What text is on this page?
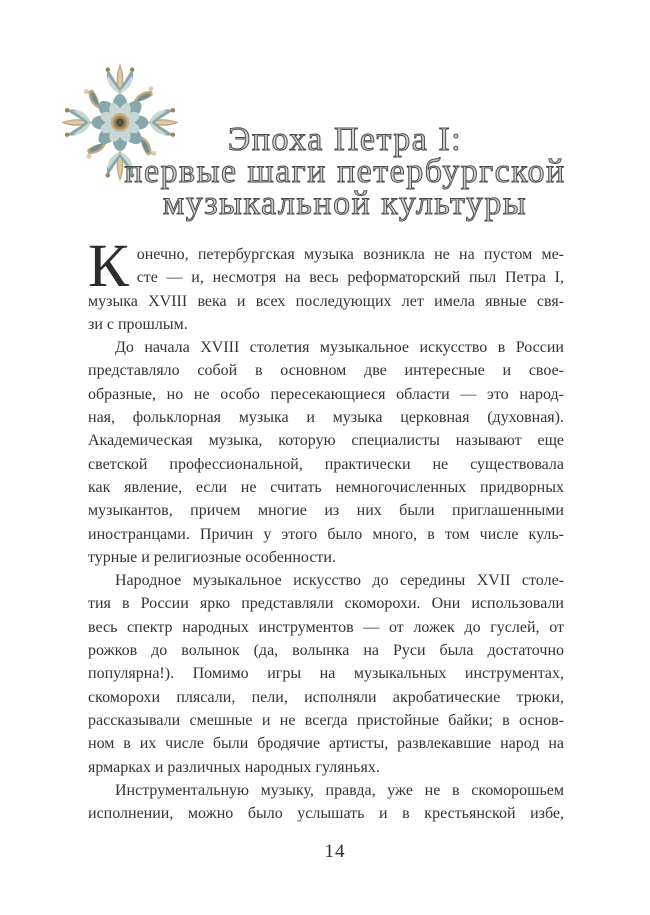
Эпоха Петра I:
первые шаги петербургской
музыкальной культуры
К онечно, петербургская музыка возникла не на пустом ме-
сте — и, несмотря на весь реформаторский пыл Петра I,
музыка XVIII века и всех последующих лет имела явные свя-
зи с прошлым.
До начала XVIII столетия музыкальное искусство в России
представляло собой в основном две интересные и свое-
образные, но не особо пересекающиеся области — это народ-
ная, фольклорная музыка и музыка церковная (духовная).
Академическая музыка, которую специалисты называют еще
светской профессиональной, практически не существовала
как явление, если не считать немногочисленных придворных
музыкантов, причем многие из них были приглашенными
иностранцами. Причин у этого было много, в том числе куль-
турные и религиозные особенности.
Народное музыкальное искусство до середины XVII столе-
тия в России ярко представляли скоморохи. Они использовали
весь спектр народных инструментов — от ложек до гуслей, от
рожков до волынок (да, волынка на Руси была достаточно
популярна!). Помимо игры на музыкальных инструментах,
скоморохи плясали, пели, исполняли акробатические трюки,
рассказывали смешные и не всегда пристойные байки; в основ-
ном в их числе были бродячие артисты, развлекавшие народ на
ярмарках и различных народных гуляньях.
Инструментальную музыку, правда, уже не в скоморошьем
исполнении, можно было услышать и в крестьянской избе,
14
